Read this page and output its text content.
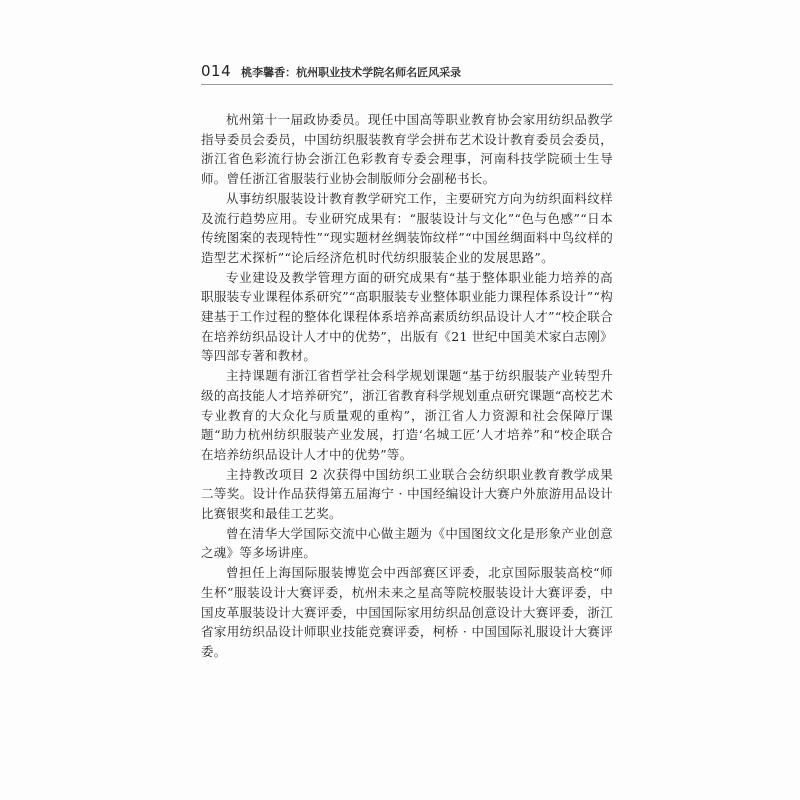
014 桃李馨香：杭州职业技术学院名师名匠风采录

杭州第十一届政协委员。现任中国高等职业教育协会家用纺织品教学指导委员会委员，中国纺织服装教育学会拼布艺术设计教育委员会委员，浙江省色彩流行协会浙江色彩教育专委会理事，河南科技学院硕士生导师。曾任浙江省服装行业协会制版师分会副秘书长。

从事纺织服装设计教育教学研究工作，主要研究方向为纺织面料纹样及流行趋势应用。专业研究成果有：“服装设计与文化”“色与色感”“日本传统图案的表现特性”“现实题材丝绸装饰纹样”“中国丝绸面料中鸟纹样的造型艺术探析”“论后经济危机时代纺织服装企业的发展思路”。

专业建设及教学管理方面的研究成果有“基于整体职业能力培养的高职服装专业课程体系研究”“高职服装专业整体职业能力课程体系设计”“构建基于工作过程的整体化课程体系培养高素质纺织品设计人才”“校企联合在培养纺织品设计人才中的优势”，出版有《21 世纪中国美术家白志刚》等四部专著和教材。

主持课题有浙江省哲学社会科学规划课题“基于纺织服装产业转型升级的高技能人才培养研究”，浙江省教育科学规划重点研究课题“高校艺术专业教育的大众化与质量观的重构”，浙江省人力资源和社会保障厅课题“助力杭州纺织服装产业发展，打造‘名城工匠’人才培养”和“校企联合在培养纺织品设计人才中的优势”等。

主持教改项目 2 次获得中国纺织工业联合会纺织职业教育教学成果二等奖。设计作品获得第五届海宁 · 中国经编设计大赛户外旅游用品设计比赛银奖和最佳工艺奖。

曾在清华大学国际交流中心做主题为《中国图纹文化是形象产业创意之魂》等多场讲座。

曾担任上海国际服装博览会中西部赛区评委，北京国际服装高校“师生杯”服装设计大赛评委，杭州未来之星高等院校服装设计大赛评委，中国皮革服装设计大赛评委，中国国际家用纺织品创意设计大赛评委，浙江省家用纺织品设计师职业技能竞赛评委，柯桥 · 中国国际礼服设计大赛评委。
